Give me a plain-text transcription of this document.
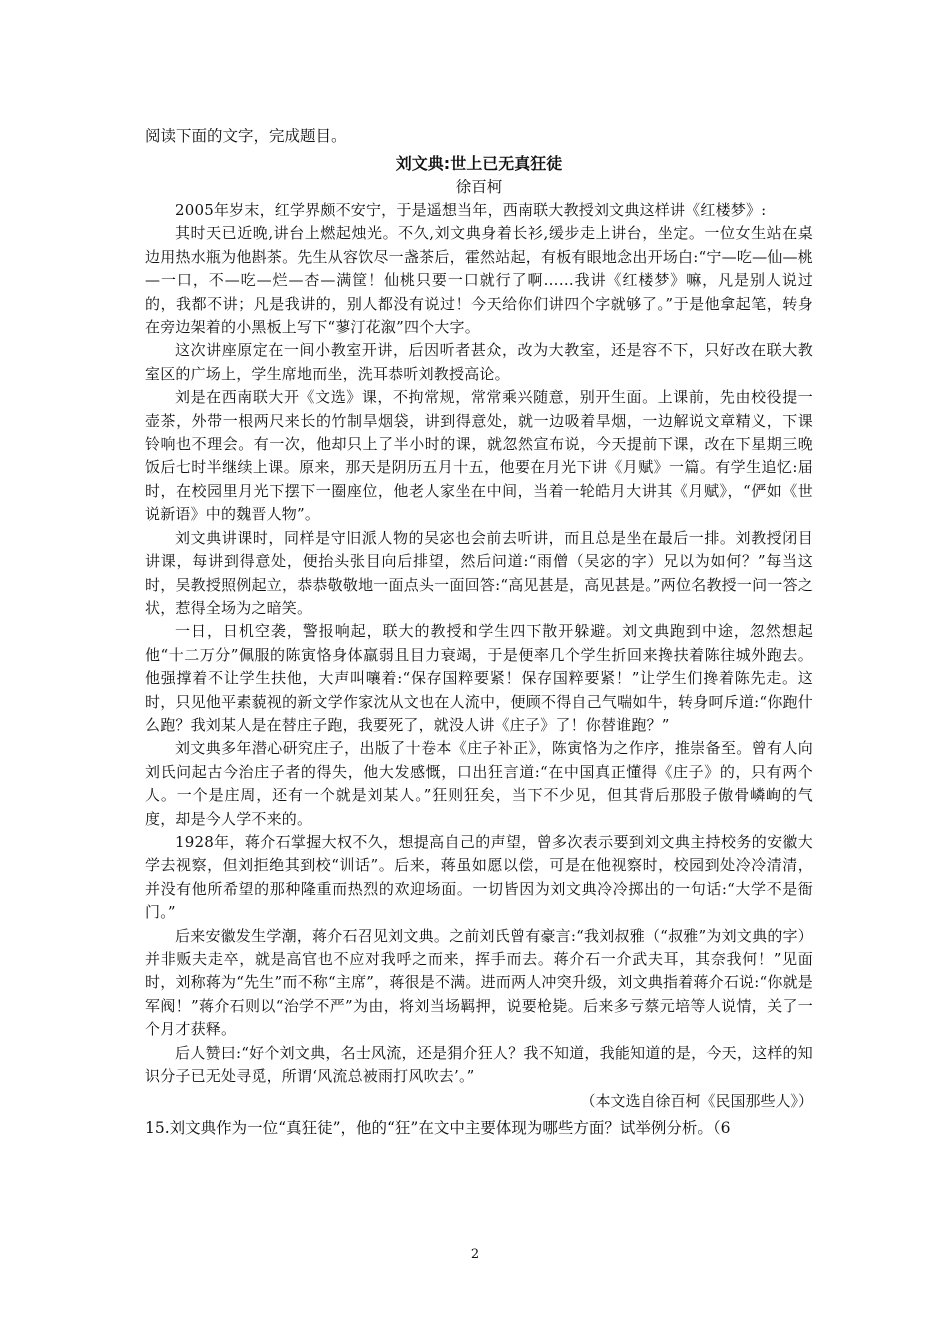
阅读下面的文字，完成题目。

刘文典:世上已无真狂徒

徐百柯

2005年岁末，红学界颇不安宁，于是遥想当年，西南联大教授刘文典这样讲《红楼梦》:

其时天已近晚,讲台上燃起烛光。不久,刘文典身着长衫,缓步走上讲台，坐定。一位女生站在桌边用热水瓶为他斟茶。先生从容饮尽一盏茶后，霍然站起，有板有眼地念出开场白:“宁—吃—仙—桃—一口，不—吃—烂—杏—满筐！仙桃只要一口就行了啊……我讲《红楼梦》嘛，凡是别人说过的，我都不讲；凡是我讲的，别人都没有说过！今天给你们讲四个字就够了。”于是他拿起笔，转身在旁边架着的小黑板上写下“蓼汀花溆”四个大字。

这次讲座原定在一间小教室开讲，后因听者甚众，改为大教室，还是容不下，只好改在联大教室区的广场上，学生席地而坐，洗耳恭听刘教授高论。

刘是在西南联大开《文选》课，不拘常规，常常乘兴随意，别开生面。上课前，先由校役提一壶茶，外带一根两尺来长的竹制旱烟袋，讲到得意处，就一边吸着旱烟，一边解说文章精义，下课铃响也不理会。有一次，他却只上了半小时的课，就忽然宣布说，今天提前下课，改在下星期三晚饭后七时半继续上课。原来，那天是阴历五月十五，他要在月光下讲《月赋》一篇。有学生追忆:届时，在校园里月光下摆下一圈座位，他老人家坐在中间，当着一轮皓月大讲其《月赋》，“俨如《世说新语》中的魏晋人物”。

刘文典讲课时，同样是守旧派人物的吴宓也会前去听讲，而且总是坐在最后一排。刘教授闭目讲课，每讲到得意处，便抬头张目向后排望，然后问道:“雨僧（吴宓的字）兄以为如何？”每当这时，吴教授照例起立，恭恭敬敬地一面点头一面回答:“高见甚是，高见甚是。”两位名教授一问一答之状，惹得全场为之暗笑。

一日，日机空袭，警报响起，联大的教授和学生四下散开躲避。刘文典跑到中途，忽然想起他“十二万分”佩服的陈寅恪身体羸弱且目力衰竭，于是便率几个学生折回来搀扶着陈往城外跑去。他强撑着不让学生扶他，大声叫嚷着:“保存国粹要紧！保存国粹要紧！”让学生们搀着陈先走。这时，只见他平素藐视的新文学作家沈从文也在人流中，便顾不得自己气喘如牛，转身呵斥道:“你跑什么跑？我刘某人是在替庄子跑，我要死了，就没人讲《庄子》了！你替谁跑？”

刘文典多年潜心研究庄子，出版了十卷本《庄子补正》，陈寅恪为之作序，推崇备至。曾有人向刘氏问起古今治庄子者的得失，他大发感慨，口出狂言道:“在中国真正懂得《庄子》的，只有两个人。一个是庄周，还有一个就是刘某人。”狂则狂矣，当下不少见，但其背后那股子傲骨嶙峋的气度，却是今人学不来的。

1928年，蒋介石掌握大权不久，想提高自己的声望，曾多次表示要到刘文典主持校务的安徽大学去视察，但刘拒绝其到校“训话”。后来，蒋虽如愿以偿，可是在他视察时，校园到处冷冷清清，并没有他所希望的那种隆重而热烈的欢迎场面。一切皆因为刘文典冷冷掷出的一句话:“大学不是衙门。”

后来安徽发生学潮，蒋介石召见刘文典。之前刘氏曾有豪言:“我刘叔雅（“叔雅”为刘文典的字）并非贩夫走卒，就是高官也不应对我呼之而来，挥手而去。蒋介石一介武夫耳，其奈我何！”见面时，刘称蒋为“先生”而不称“主席”，蒋很是不满。进而两人冲突升级，刘文典指着蒋介石说:“你就是军阀！”蒋介石则以“治学不严”为由，将刘当场羁押，说要枪毙。后来多亏蔡元培等人说情，关了一个月才获释。

后人赞曰:“好个刘文典，名士风流，还是狷介狂人？我不知道，我能知道的是，今天，这样的知识分子已无处寻觅，所谓‘风流总被雨打风吹去’。”

（本文选自徐百柯《民国那些人》）

15.刘文典作为一位“真狂徒”，他的“狂”在文中主要体现为哪些方面？试举例分析。（6

2
